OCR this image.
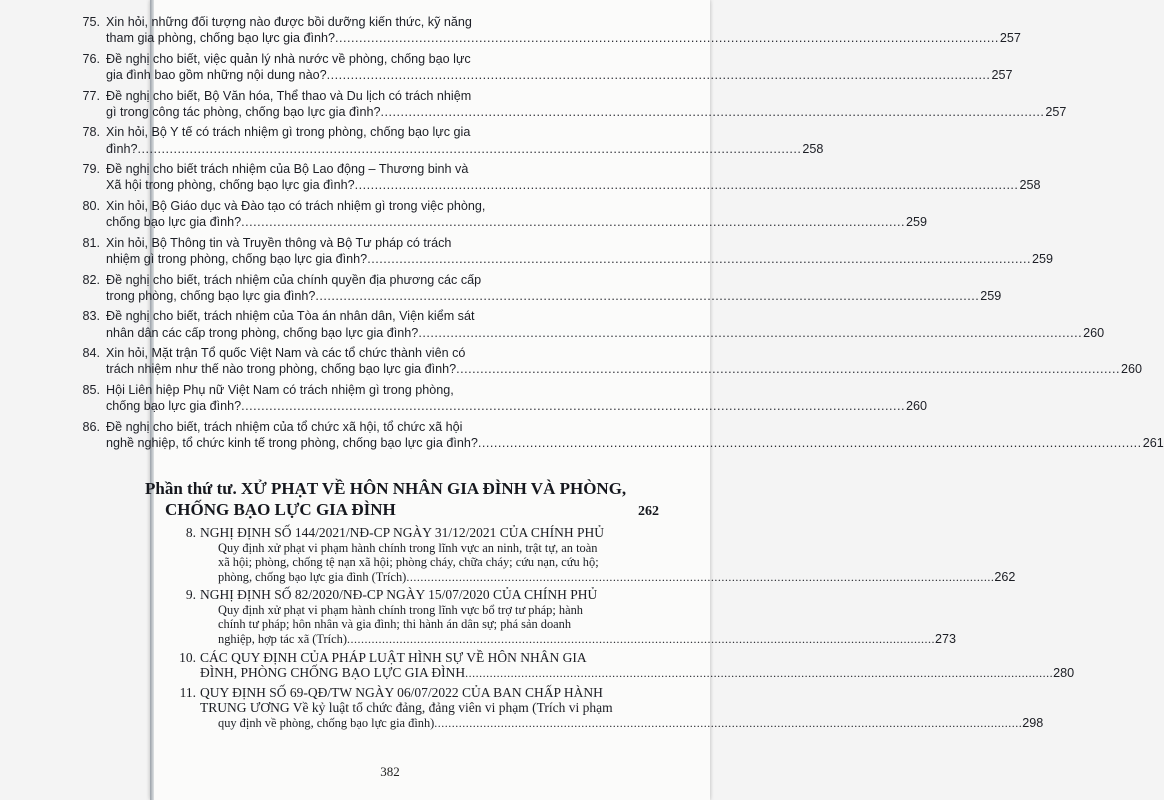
75. Xin hỏi, những đối tượng nào được bồi dưỡng kiến thức, kỹ năng
tham gia phòng, chống bạo lực gia đình? .....	257
76. Đề nghị cho biết, việc quản lý nhà nước về phòng, chống bạo lực
gia đình bao gồm những nội dung nào? .....	257
77. Đề nghị cho biết, Bộ Văn hóa, Thể thao và Du lịch có trách nhiệm
gì trong công tác phòng, chống bạo lực gia đình? .....	257
78. Xin hỏi, Bộ Y tế có trách nhiệm gì trong phòng, chống bạo lực gia
đình? .....	258
79. Đề nghị cho biết trách nhiệm của Bộ Lao động – Thương binh và
Xã hội trong phòng, chống bạo lực gia đình? .....	258
80. Xin hỏi, Bộ Giáo dục và Đào tạo có trách nhiệm gì trong việc phòng,
chống bạo lực gia đình? .....	259
81. Xin hỏi, Bộ Thông tin và Truyền thông và Bộ Tư pháp có trách
nhiệm gì trong phòng, chống bạo lực gia đình? .....	259
82. Đề nghị cho biết, trách nhiệm của chính quyền địa phương các cấp
trong phòng, chống bạo lực gia đình? .....	259
83. Đề nghị cho biết, trách nhiệm của Tòa án nhân dân, Viện kiểm sát
nhân dân các cấp trong phòng, chống bạo lực gia đình? .....	260
84. Xin hỏi, Mặt trận Tổ quốc Việt Nam và các tổ chức thành viên có
trách nhiệm như thế nào trong phòng, chống bạo lực gia đình? .....	260
85. Hội Liên hiệp Phụ nữ Việt Nam có trách nhiệm gì trong phòng,
chống bạo lực gia đình? .....	260
86. Đề nghị cho biết, trách nhiệm của tổ chức xã hội, tổ chức xã hội
nghề nghiệp, tổ chức kinh tế trong phòng, chống bạo lực gia đình? .....	261
Phần thứ tư. XỬ PHẠT VỀ HÔN NHÂN GIA ĐÌNH VÀ PHÒNG,
CHỐNG BẠO LỰC GIA ĐÌNH	262
8. NGHỊ ĐỊNH SỐ 144/2021/NĐ-CP NGÀY 31/12/2021 CỦA CHÍNH PHỦ
Quy định xử phạt vi phạm hành chính trong lĩnh vực an ninh, trật tự, an toàn
xã hội; phòng, chống tệ nạn xã hội; phòng cháy, chữa cháy; cứu nạn, cứu hộ;
phòng, chống bạo lực gia đình (Trích) .....	262
9. NGHỊ ĐỊNH SỐ 82/2020/NĐ-CP NGÀY 15/07/2020 CỦA CHÍNH PHỦ
Quy định xử phạt vi phạm hành chính trong lĩnh vực bổ trợ tư pháp; hành
chính tư pháp; hôn nhân và gia đình; thi hành án dân sự; phá sản doanh
nghiệp, hợp tác xã (Trích) .....	273
10. CÁC QUY ĐỊNH CỦA PHÁP LUẬT HÌNH SỰ VỀ HÔN NHÂN GIA
ĐÌNH, PHÒNG CHỐNG BẠO LỰC GIA ĐÌNH .....	280
11. QUY ĐỊNH SỐ 69-QĐ/TW NGÀY 06/07/2022 CỦA BAN CHẤP HÀNH
TRUNG ƯƠNG Về kỷ luật tổ chức đảng, đảng viên vi phạm (Trích vi phạm
quy định về phòng, chống bạo lực gia đình) .....	298
382
